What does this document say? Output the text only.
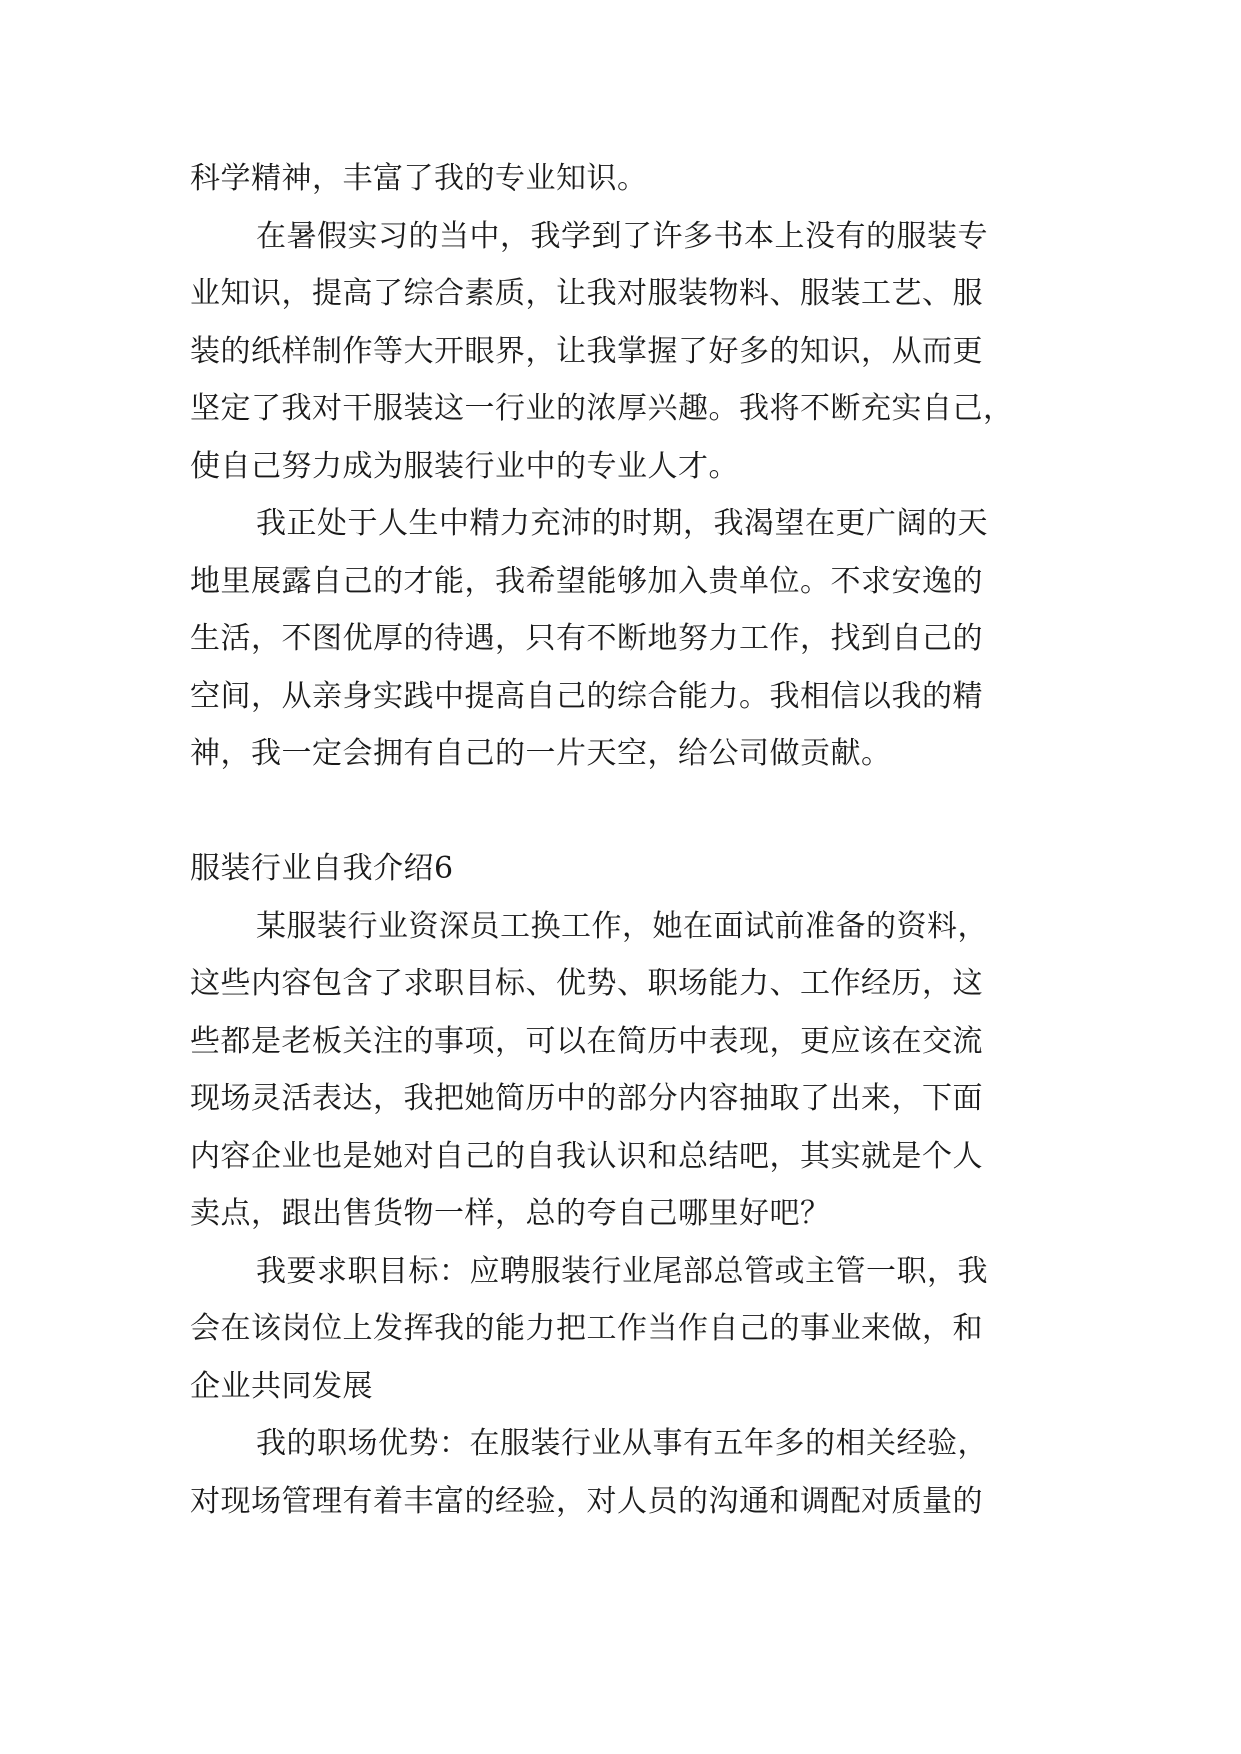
科学精神，丰富了我的专业知识。
在暑假实习的当中，我学到了许多书本上没有的服装专
业知识，提高了综合素质，让我对服装物料、服装工艺、服
装的纸样制作等大开眼界，让我掌握了好多的知识，从而更
坚定了我对干服装这一行业的浓厚兴趣。我将不断充实自己，
使自己努力成为服装行业中的专业人才。
我正处于人生中精力充沛的时期，我渴望在更广阔的天
地里展露自己的才能，我希望能够加入贵单位。不求安逸的
生活，不图优厚的待遇，只有不断地努力工作，找到自己的
空间，从亲身实践中提高自己的综合能力。我相信以我的精
神，我一定会拥有自己的一片天空，给公司做贡献。
服装行业自我介绍6
某服装行业资深员工换工作，她在面试前准备的资料，
这些内容包含了求职目标、优势、职场能力、工作经历，这
些都是老板关注的事项，可以在简历中表现，更应该在交流
现场灵活表达，我把她简历中的部分内容抽取了出来，下面
内容企业也是她对自己的自我认识和总结吧，其实就是个人
卖点，跟出售货物一样，总的夸自己哪里好吧？
我要求职目标：应聘服装行业尾部总管或主管一职，我
会在该岗位上发挥我的能力把工作当作自己的事业来做，和
企业共同发展
我的职场优势：在服装行业从事有五年多的相关经验，
对现场管理有着丰富的经验，对人员的沟通和调配对质量的
